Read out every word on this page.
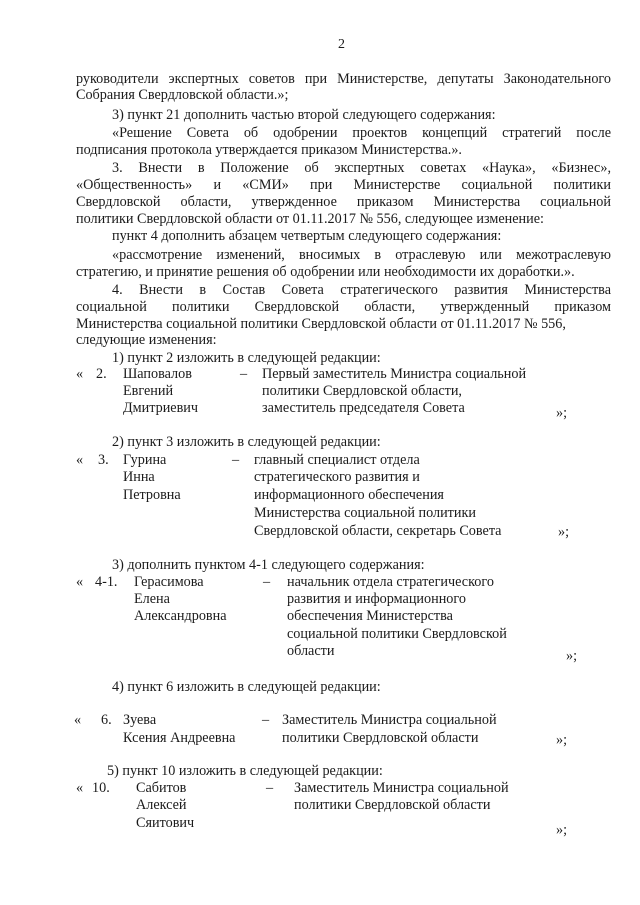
2
руководители экспертных советов при Министерстве, депутаты Законодательного
Собрания Свердловской области.»;
3) пункт 21 дополнить частью второй следующего содержания:
«Решение Совета об одобрении проектов концепций стратегий после
подписания протокола утверждается приказом Министерства.».
3. Внести в Положение об экспертных советах «Наука», «Бизнес»,
«Общественность» и «СМИ» при Министерстве социальной политики
Свердловской области, утвержденное приказом Министерства социальной
политики Свердловской области от 01.11.2017 № 556, следующее изменение:
пункт 4 дополнить абзацем четвертым следующего содержания:
«рассмотрение изменений, вносимых в отраслевую или межотраслевую
стратегию, и принятие решения об одобрении или необходимости их доработки.».
4. Внести в Состав Совета стратегического развития Министерства
социальной политики Свердловской области, утвержденный приказом
Министерства социальной политики Свердловской области от 01.11.2017 № 556,
следующие изменения:
1) пункт 2 изложить в следующей редакции:
« 2. Шаповалов
Евгений
Дмитриевич
– Первый заместитель Министра социальной
политики Свердловской области,
заместитель председателя Совета	»;
2) пункт 3 изложить в следующей редакции:
« 3. Гурина
Инна
Петровна
– главный специалист отдела
стратегического развития и
информационного обеспечения
Министерства социальной политики
Свердловской области, секретарь Совета	»;
3) дополнить пунктом 4-1 следующего содержания:
« 4-1. Герасимова
Елена
Александровна
– начальник отдела стратегического
развития и информационного
обеспечения Министерства
социальной политики Свердловской
области	»;
4) пункт 6 изложить в следующей редакции:
« 6. Зуева
Ксения Андреевна
– Заместитель Министра социальной
политики Свердловской области	»;
5) пункт 10 изложить в следующей редакции:
« 10. Сабитов
Алексей
Сяитович
– Заместитель Министра социальной
политики Свердловской области
»;
